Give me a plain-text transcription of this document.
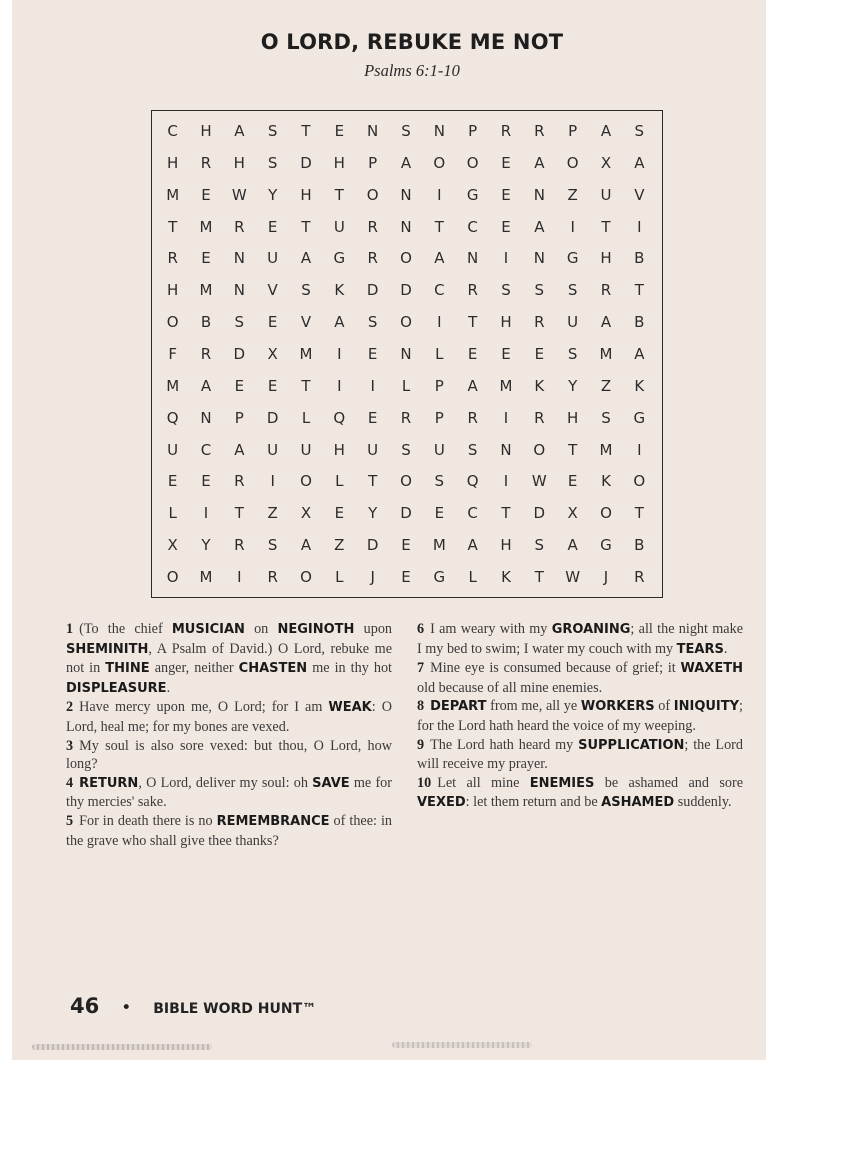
O LORD, REBUKE ME NOT
Psalms 6:1-10
C	H	A	S	T	E	N	S	N	P	R	R	P	A	S
H	R	H	S	D	H	P	A	O	O	E	A	O	X	A
M	E	W	Y	H	T	O	N	I	G	E	N	Z	U	V
T	M	R	E	T	U	R	N	T	C	E	A	I	T	I
R	E	N	U	A	G	R	O	A	N	I	N	G	H	B
H	M	N	V	S	K	D	D	C	R	S	S	S	R	T
O	B	S	E	V	A	S	O	I	T	H	R	U	A	B
F	R	D	X	M	I	E	N	L	E	E	E	S	M	A
M	A	E	E	T	I	I	L	P	A	M	K	Y	Z	K
Q	N	P	D	L	Q	E	R	P	R	I	R	H	S	G
U	C	A	U	U	H	U	S	U	S	N	O	T	M	I
E	E	R	I	O	L	T	O	S	Q	I	W	E	K	O
L	I	T	Z	X	E	Y	D	E	C	T	D	X	O	T
X	Y	R	S	A	Z	D	E	M	A	H	S	A	G	B
O	M	I	R	O	L	J	E	G	L	K	T	W	J	R

1 (To the chief MUSICIAN on NEGINOTH upon SHEMINITH, A Psalm of David.) O Lord, rebuke me not in THINE anger, neither CHASTEN me in thy hot DISPLEASURE.

2 Have mercy upon me, O Lord; for I am WEAK: O Lord, heal me; for my bones are vexed.

3 My soul is also sore vexed: but thou, O Lord, how long?

4 RETURN, O Lord, deliver my soul: oh SAVE me for thy mercies' sake.

5 For in death there is no REMEMBRANCE of thee: in the grave who shall give thee thanks?

6 I am weary with my GROANING; all the night make I my bed to swim; I water my couch with my TEARS.

7 Mine eye is consumed because of grief; it WAXETH old because of all mine enemies.

8 DEPART from me, all ye WORKERS of INIQUITY; for the Lord hath heard the voice of my weeping.

9 The Lord hath heard my SUPPLICATION; the Lord will receive my prayer.

10 Let all mine ENEMIES be ashamed and sore VEXED: let them return and be ASHAMED suddenly.

46 • BIBLE WORD HUNT™
